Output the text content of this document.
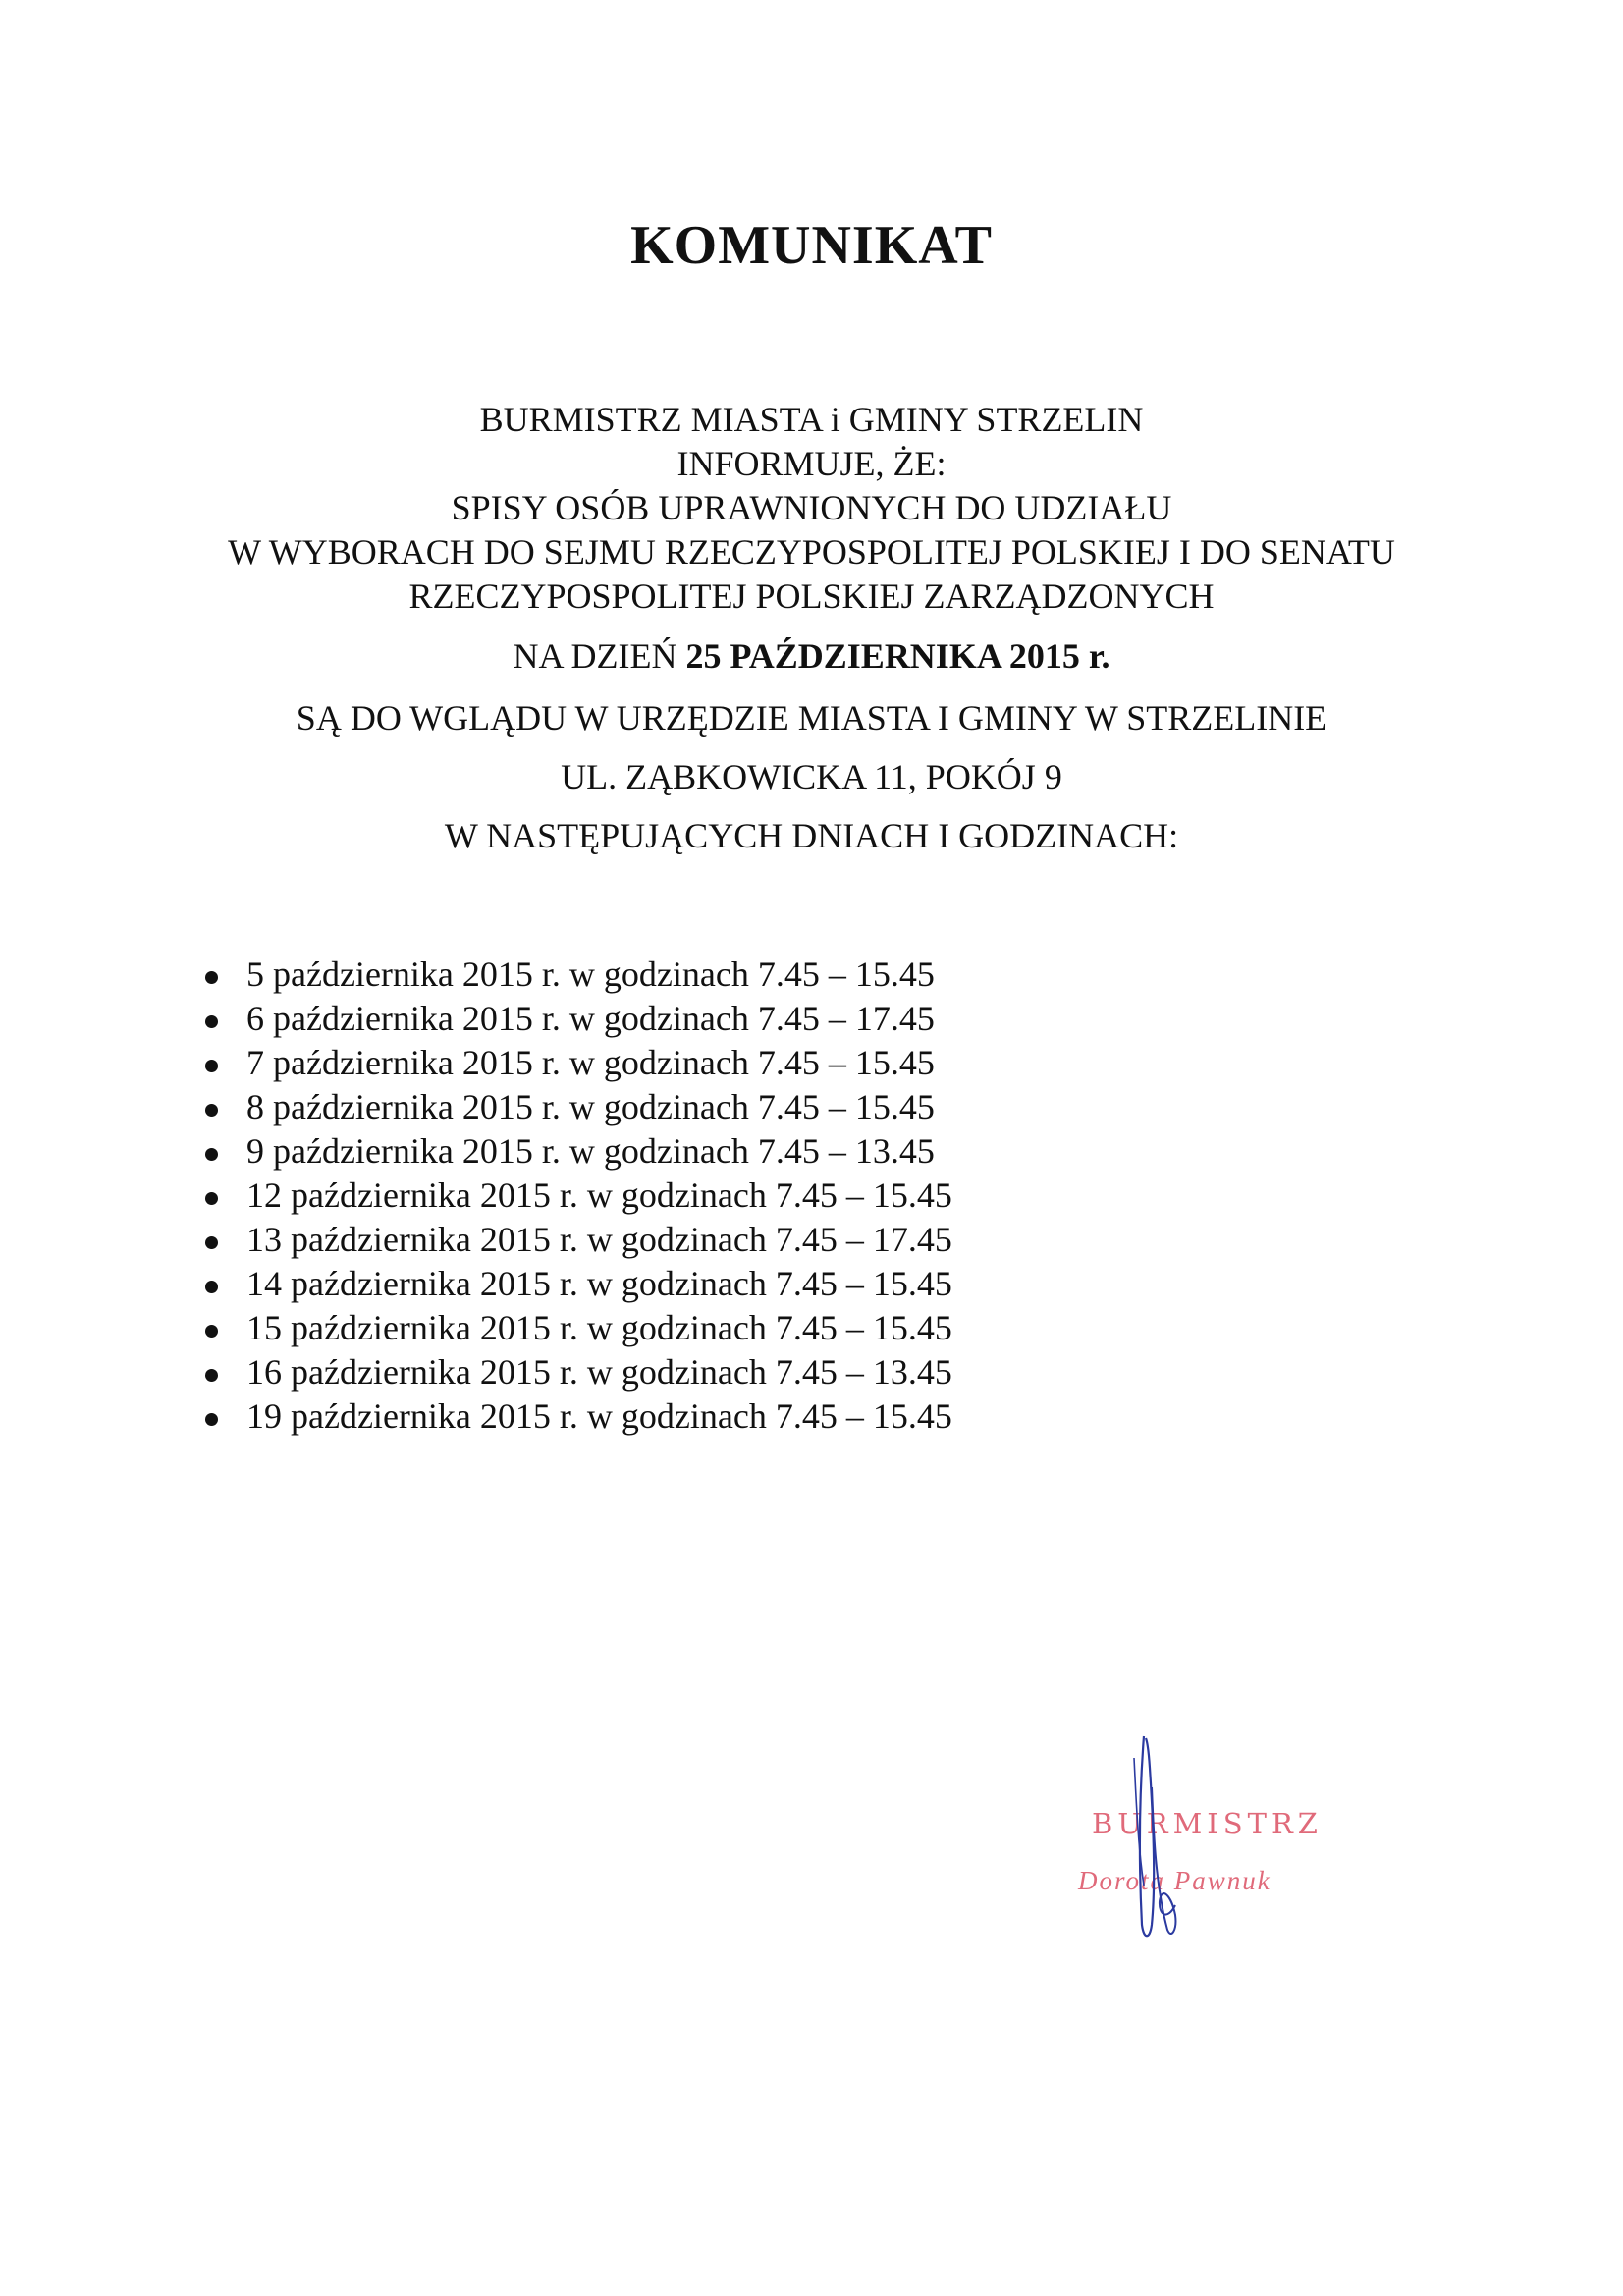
KOMUNIKAT
BURMISTRZ MIASTA i GMINY STRZELIN
INFORMUJE, ŻE:
SPISY OSÓB UPRAWNIONYCH DO UDZIAŁU
W WYBORACH DO SEJMU RZECZYPOSPOLITEJ POLSKIEJ I DO SENATU
RZECZYPOSPOLITEJ POLSKIEJ ZARZĄDZONYCH
NA DZIEŃ 25 PAŹDZIERNIKA 2015 r.
SĄ DO WGLĄDU W URZĘDZIE MIASTA I GMINY W STRZELINIE
UL. ZĄBKOWICKA 11, POKÓJ 9
W NASTĘPUJĄCYCH DNIACH I GODZINACH:
5 października 2015 r. w godzinach 7.45 – 15.45
6 października 2015 r. w godzinach 7.45 – 17.45
7 października 2015 r. w godzinach 7.45 – 15.45
8 października 2015 r. w godzinach 7.45 – 15.45
9 października 2015 r. w godzinach 7.45 – 13.45
12 października 2015 r. w godzinach 7.45 – 15.45
13 października 2015 r. w godzinach 7.45 – 17.45
14 października 2015 r. w godzinach 7.45 – 15.45
15 października 2015 r. w godzinach 7.45 – 15.45
16 października 2015 r. w godzinach 7.45 – 13.45
19 października 2015 r. w godzinach 7.45 – 15.45
BURMISTRZ
Dorota Pawnuk
